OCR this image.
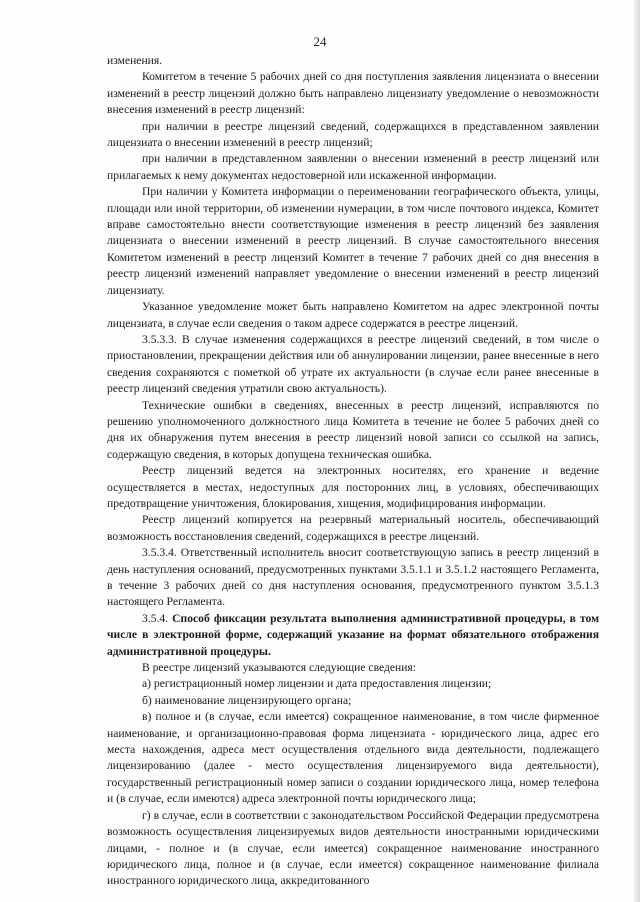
24

изменения.

Комитетом в течение 5 рабочих дней со дня поступления заявления лицензиата о внесении изменений в реестр лицензий должно быть направлено лицензиату уведомление о невозможности внесения изменений в реестр лицензий:

при наличии в реестре лицензий сведений, содержащихся в представленном заявлении лицензиата о внесении изменений в реестр лицензий;

при наличии в представленном заявлении о внесении изменений в реестр лицензий или прилагаемых к нему документах недостоверной или искаженной информации.

При наличии у Комитета информации о переименовании географического объекта, улицы, площади или иной территории, об изменении нумерации, в том числе почтового индекса, Комитет вправе самостоятельно внести соответствующие изменения в реестр лицензий без заявления лицензиата о внесении изменений в реестр лицензий. В случае самостоятельного внесения Комитетом изменений в реестр лицензий Комитет в течение 7 рабочих дней со дня внесения в реестр лицензий изменений направляет уведомление о внесении изменений в реестр лицензий лицензиату.

Указанное уведомление может быть направлено Комитетом на адрес электронной почты лицензиата, в случае если сведения о таком адресе содержатся в реестре лицензий.

3.5.3.3. В случае изменения содержащихся в реестре лицензий сведений, в том числе о приостановлении, прекращении действия или об аннулировании лицензии, ранее внесенные в него сведения сохраняются с пометкой об утрате их актуальности (в случае если ранее внесенные в реестр лицензий сведения утратили свою актуальность).

Технические ошибки в сведениях, внесенных в реестр лицензий, исправляются по решению уполномоченного должностного лица Комитета в течение не более 5 рабочих дней со дня их обнаружения путем внесения в реестр лицензий новой записи со ссылкой на запись, содержащую сведения, в которых допущена техническая ошибка.

Реестр лицензий ведется на электронных носителях, его хранение и ведение осуществляется в местах, недоступных для посторонних лиц, в условиях, обеспечивающих предотвращение уничтожения, блокирования, хищения, модифицирования информации.

Реестр лицензий копируется на резервный материальный носитель, обеспечивающий возможность восстановления сведений, содержащихся в реестре лицензий.

3.5.3.4. Ответственный исполнитель вносит соответствующую запись в реестр лицензий в день наступления оснований, предусмотренных пунктами 3.5.1.1 и 3.5.1.2 настоящего Регламента, в течение 3 рабочих дней со дня наступления основания, предусмотренного пунктом 3.5.1.3 настоящего Регламента.

3.5.4. Способ фиксации результата выполнения административной процедуры, в том числе в электронной форме, содержащий указание на формат обязательного отображения административной процедуры.

В реестре лицензий указываются следующие сведения:

а) регистрационный номер лицензии и дата предоставления лицензии;

б) наименование лицензирующего органа;

в) полное и (в случае, если имеется) сокращенное наименование, в том числе фирменное наименование, и организационно-правовая форма лицензиата - юридического лица, адрес его места нахождения, адреса мест осуществления отдельного вида деятельности, подлежащего лицензированию (далее - место осуществления лицензируемого вида деятельности), государственный регистрационный номер записи о создании юридического лица, номер телефона и (в случае, если имеются) адреса электронной почты юридического лица;

г) в случае, если в соответствии с законодательством Российской Федерации предусмотрена возможность осуществления лицензируемых видов деятельности иностранными юридическими лицами, - полное и (в случае, если имеется) сокращенное наименование иностранного юридического лица, полное и (в случае, если имеется) сокращенное наименование филиала иностранного юридического лица, аккредитованного
